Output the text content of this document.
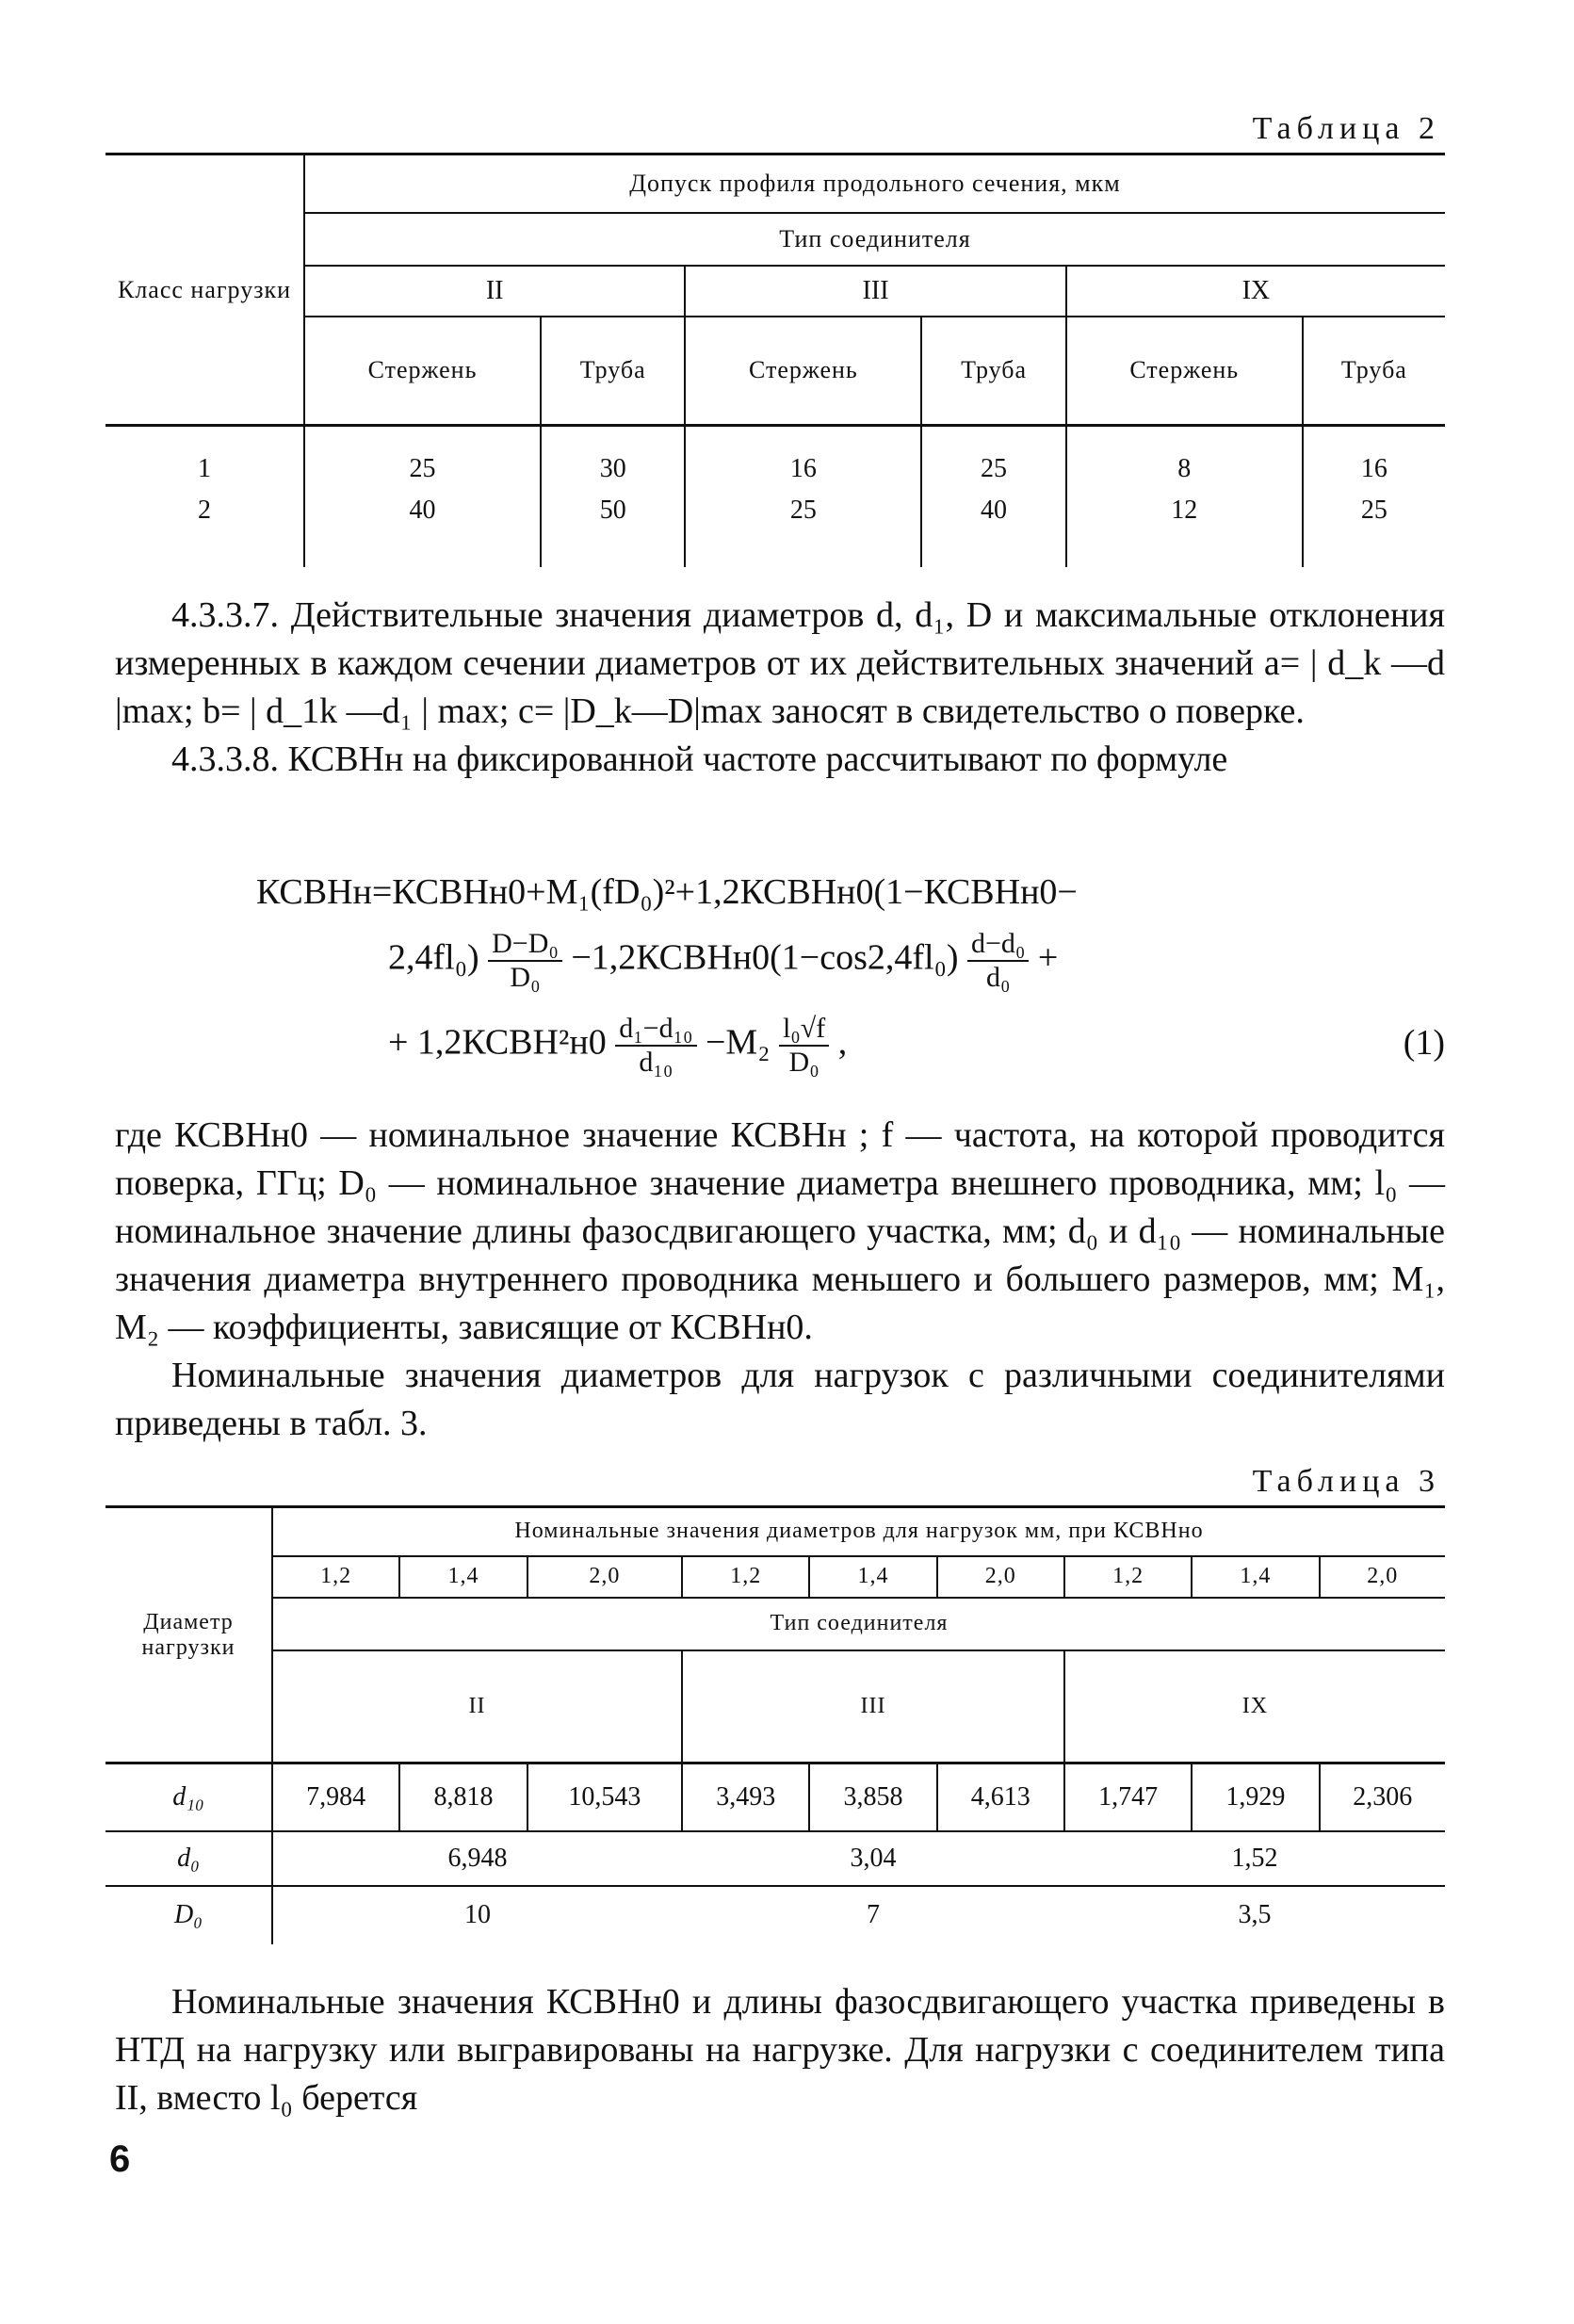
Таблица 2
Класс нагрузки	Допуск профиля продольного сечения, мкм					
	Тип соединителя					
	II		III		IX	
	Стержень	Труба	Стержень	Труба	Стержень	Труба
1	25	30	16	25	8	16
2	40	50	25	40	12	25

4.3.3.7. Действительные значения диаметров d, d₁, D и максимальные отклонения измеренных в каждом сечении диаметров от их действительных значений a= | d_k —d |max; b= | d_1k —d₁ | max; c= |D_k—D|max заносят в свидетельство о поверке.

4.3.3.8. КСВНн на фиксированной частоте рассчитывают по формуле

КСВНн=КСВНн0+M₁(fD₀)²+1,2КСВНн0(1−КСВНн0−
$2,4fl_0) \frac{\text{D−D₀}}{\text{D₀}}$ −1,2КСВНн0(1−cos2,4fl₀) $\frac{\text{d−d₀}}{\text{d₀}}$ +
+ 1,2КСВН²н0 $\frac{\text{d₁−d₁₀}}{\text{d₁₀}} -M_2 \frac{\text{l₀√f}}{\text{D₀}}$ ,	(1)

где КСВНн0 — номинальное значение КСВНн ; f — частота, на которой проводится поверка, ГГц; D₀ — номинальное значение диаметра внешнего проводника, мм; l₀ — номинальное значение длины фазосдвигающего участка, мм; d₀ и d₁₀ — номинальные значения диаметра внутреннего проводника меньшего и большего размеров, мм; M₁, M₂ — коэффициенты, зависящие от КСВНн0.

Номинальные значения диаметров для нагрузок с различными соединителями приведены в табл. 3.

Таблица 3
Диаметр нагрузки	Номинальные значения диаметров для нагрузок мм, при КСВНно								
	1,2	1,4	2,0	1,2	1,4	2,0	1,2	1,4	2,0
	Тип соединителя								
	II			III			IX		
d₁₀	7,984	8,818	10,543	3,493	3,858	4,613	1,747	1,929	2,306
d₀	6,948			3,04			1,52		
D₀	10			7			3,5		

Номинальные значения КСВНн0 и длины фазосдвигающего участка приведены в НТД на нагрузку или выгравированы на нагрузке. Для нагрузки с соединителем типа II, вместо l₀ берется

6
